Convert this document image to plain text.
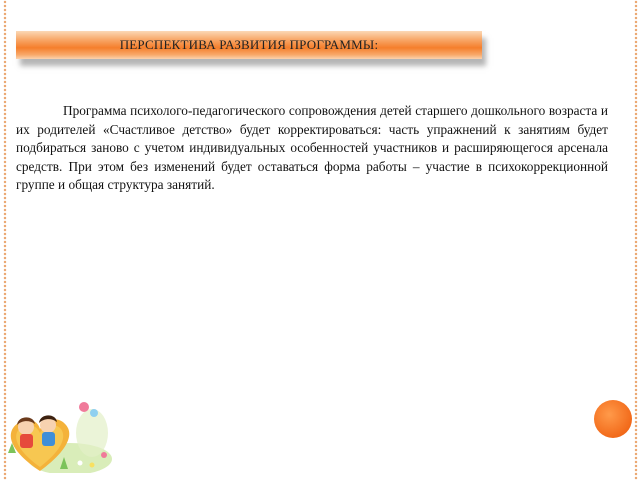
ПЕРСПЕКТИВА РАЗВИТИЯ ПРОГРАММЫ:

Программа психолого-педагогического сопровождения детей старшего дошкольного возраста и их родителей «Счастливое детство» будет корректироваться: часть упражнений к занятиям будет подбираться заново с учетом индивидуальных особенностей участников и расширяющегося арсенала средств. При этом без изменений будет оставаться форма работы – участие в психокоррекционной группе и общая структура занятий.
